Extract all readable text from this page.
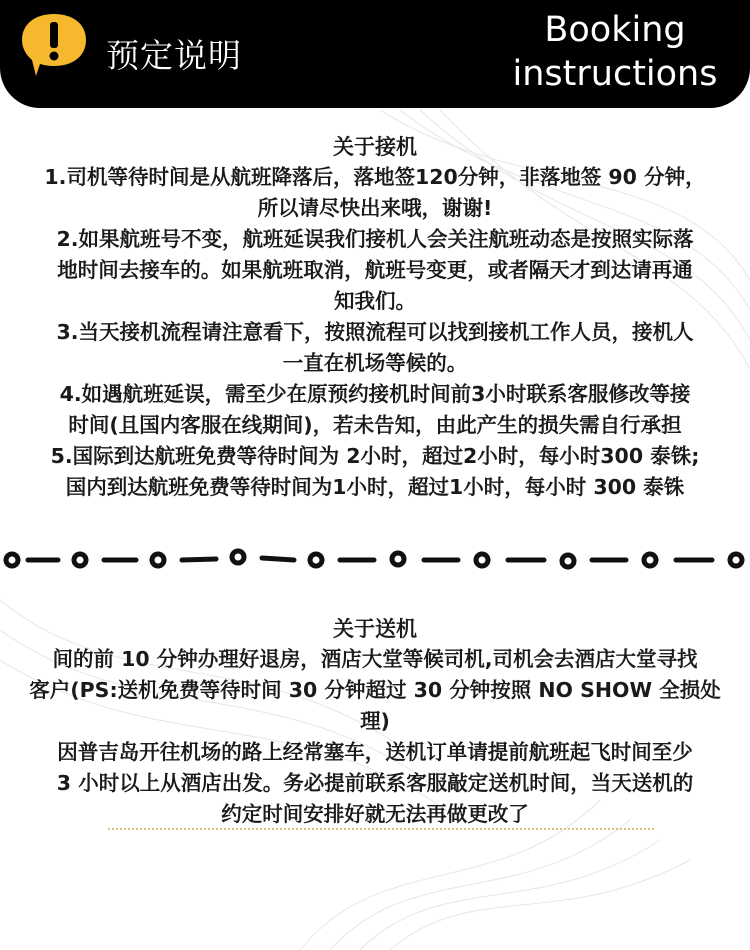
预定说明
Booking
instructions
关于接机

1.司机等待时间是从航班降落后，落地签120分钟，非落地签 90 分钟，

所以请尽快出来哦，谢谢!

2.如果航班号不变，航班延误我们接机人会关注航班动态是按照实际落

地时间去接车的。如果航班取消，航班号变更，或者隔天才到达请再通

知我们。

3.当天接机流程请注意看下，按照流程可以找到接机工作人员，接机人

一直在机场等候的。

4.如遇航班延误，需至少在原预约接机时间前3小时联系客服修改等接

时间(且国内客服在线期间)，若未告知，由此产生的损失需自行承担

5.国际到达航班免费等待时间为 2小时，超过2小时，每小时300 泰铢;

国内到达航班免费等待时间为1小时，超过1小时，每小时 300 泰铢

关于送机

间的前 10 分钟办理好退房，酒店大堂等候司机,司机会去酒店大堂寻找

客户(PS:送机免费等待时间 30 分钟超过 30 分钟按照 NO SHOW 全损处

理)

因普吉岛开往机场的路上经常塞车，送机订单请提前航班起飞时间至少

3 小时以上从酒店出发。务必提前联系客服敲定送机时间，当天送机的

约定时间安排好就无法再做更改了
